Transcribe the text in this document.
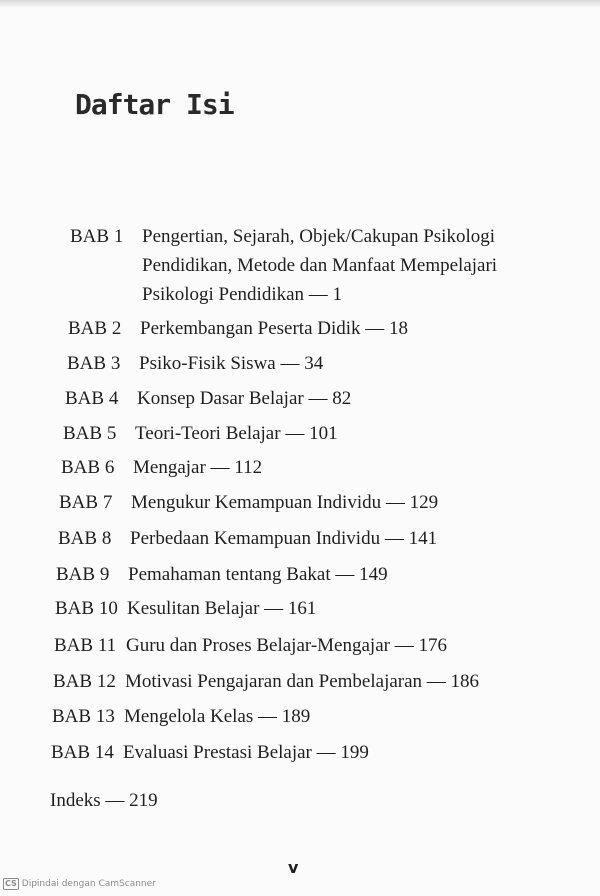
Daftar Isi
BAB 1 Pengertian, Sejarah, Objek/Cakupan Psikologi
Pendidikan, Metode dan Manfaat Mempelajari
Psikologi Pendidikan — 1
BAB 2 Perkembangan Peserta Didik — 18
BAB 3 Psiko-Fisik Siswa — 34
BAB 4 Konsep Dasar Belajar — 82
BAB 5 Teori-Teori Belajar — 101
BAB 6 Mengajar — 112
BAB 7 Mengukur Kemampuan Individu — 129
BAB 8 Perbedaan Kemampuan Individu — 141
BAB 9 Pemahaman tentang Bakat — 149
BAB 10 Kesulitan Belajar — 161
BAB 11 Guru dan Proses Belajar-Mengajar — 176
BAB 12 Motivasi Pengajaran dan Pembelajaran — 186
BAB 13 Mengelola Kelas — 189
BAB 14 Evaluasi Prestasi Belajar — 199
Indeks — 219
v
CS Dipindai dengan CamScanner
